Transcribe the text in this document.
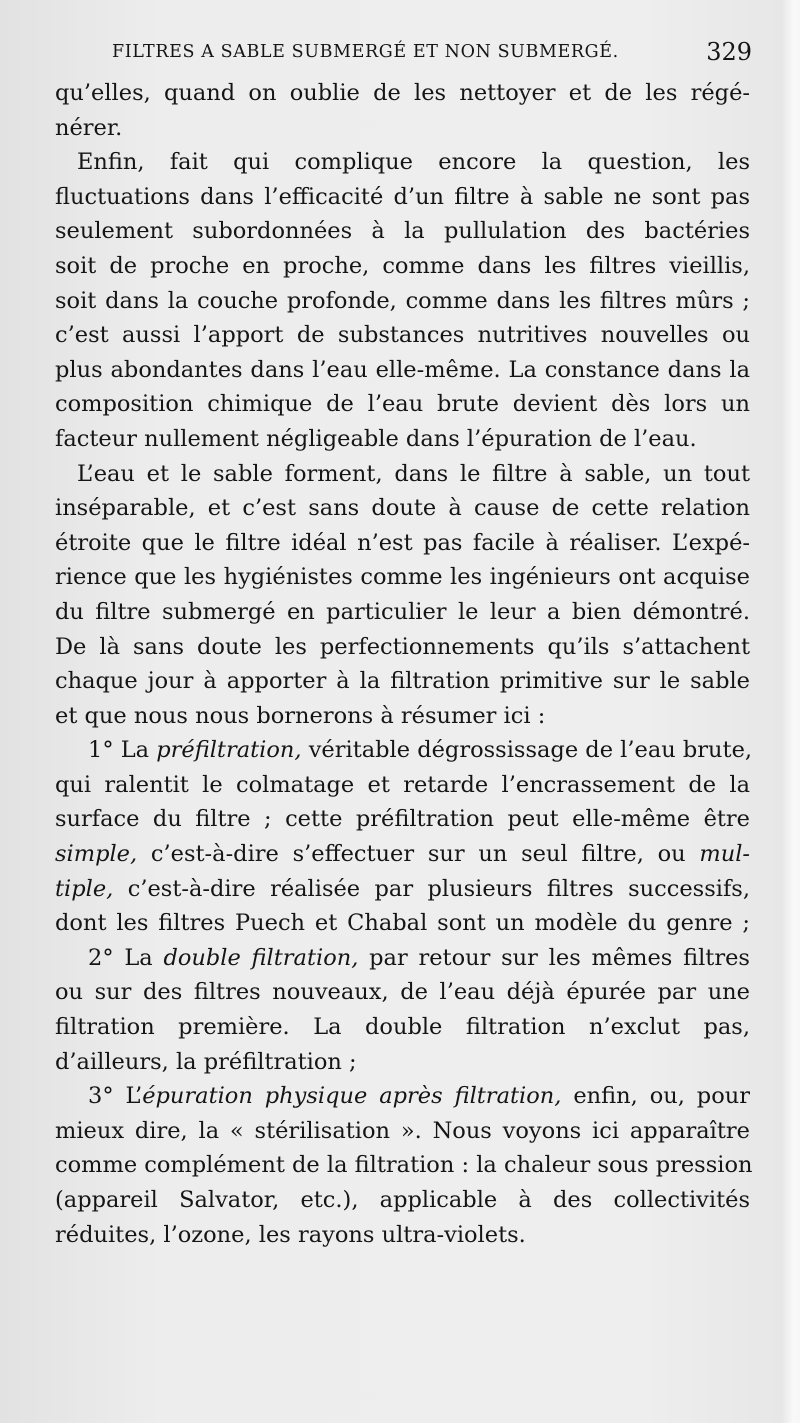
FILTRES A SABLE SUBMERGÉ ET NON SUBMERGÉ.	329
qu’elles, quand on oublie de les nettoyer et de les régé-
nérer.
Enfin, fait qui complique encore la question, les
fluctuations dans l’efficacité d’un filtre à sable ne sont pas
seulement subordonnées à la pullulation des bactéries
soit de proche en proche, comme dans les filtres vieillis,
soit dans la couche profonde, comme dans les filtres mûrs ;
c’est aussi l’apport de substances nutritives nouvelles ou
plus abondantes dans l’eau elle-même. La constance dans la
composition chimique de l’eau brute devient dès lors un
facteur nullement négligeable dans l’épuration de l’eau.
L’eau et le sable forment, dans le filtre à sable, un tout
inséparable, et c’est sans doute à cause de cette relation
étroite que le filtre idéal n’est pas facile à réaliser. L’expé-
rience que les hygiénistes comme les ingénieurs ont acquise
du filtre submergé en particulier le leur a bien démontré.
De là sans doute les perfectionnements qu’ils s’attachent
chaque jour à apporter à la filtration primitive sur le sable
et que nous nous bornerons à résumer ici :
1° La préfiltration, véritable dégrossissage de l’eau brute,
qui ralentit le colmatage et retarde l’encrassement de la
surface du filtre ; cette préfiltration peut elle-même être
simple, c’est-à-dire s’effectuer sur un seul filtre, ou mul-
tiple, c’est-à-dire réalisée par plusieurs filtres successifs,
dont les filtres Puech et Chabal sont un modèle du genre ;
2° La double filtration, par retour sur les mêmes filtres
ou sur des filtres nouveaux, de l’eau déjà épurée par une
filtration première. La double filtration n’exclut pas,
d’ailleurs, la préfiltration ;
3° L’épuration physique après filtration, enfin, ou, pour
mieux dire, la « stérilisation ». Nous voyons ici apparaître
comme complément de la filtration : la chaleur sous pression
(appareil Salvator, etc.), applicable à des collectivités
réduites, l’ozone, les rayons ultra-violets.
